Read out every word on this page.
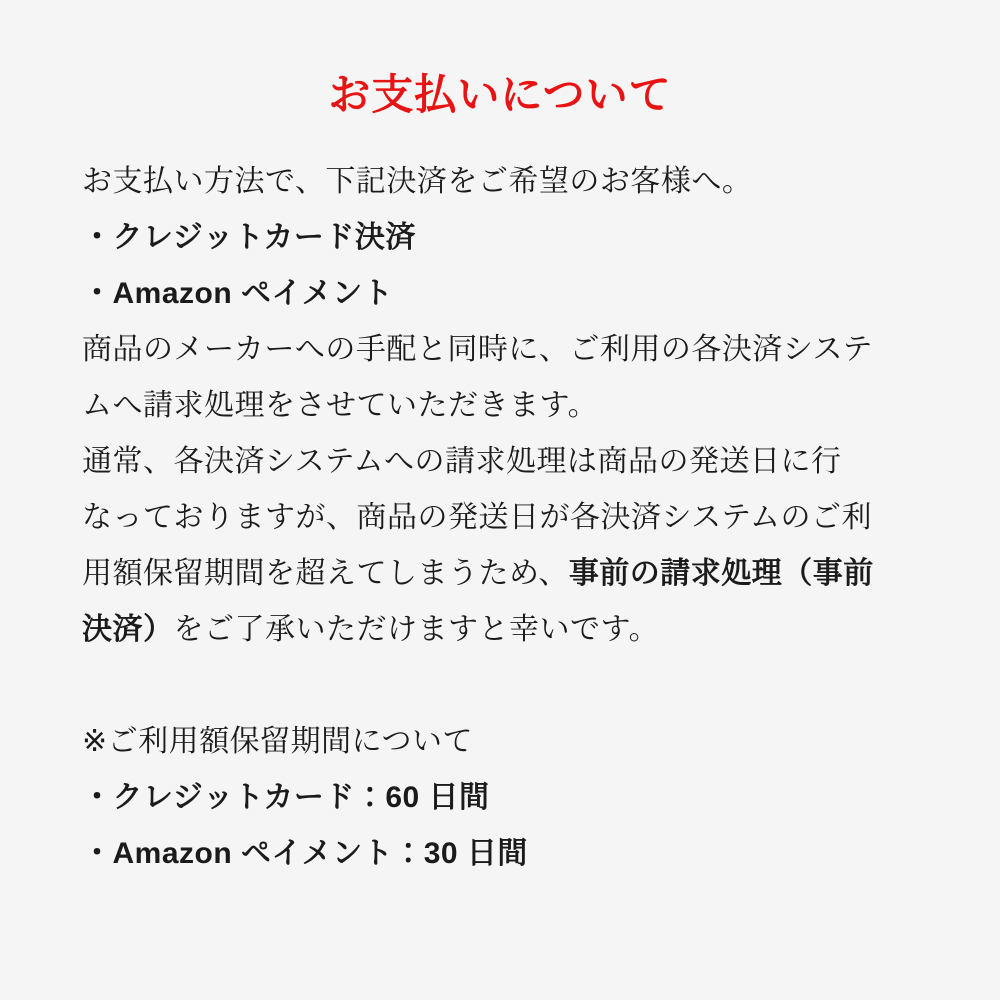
お支払いについて
お支払い方法で、下記決済をご希望のお客様へ。
・クレジットカード決済
・Amazon ペイメント
商品のメーカーへの手配と同時に、ご利用の各決済システ
ムへ請求処理をさせていただきます。
通常、各決済システムへの請求処理は商品の発送日に行
なっておりますが、商品の発送日が各決済システムのご利
用額保留期間を超えてしまうため、事前の請求処理（事前
決済）をご了承いただけますと幸いです。
※ご利用額保留期間について
・クレジットカード：60 日間
・Amazon ペイメント：30 日間
